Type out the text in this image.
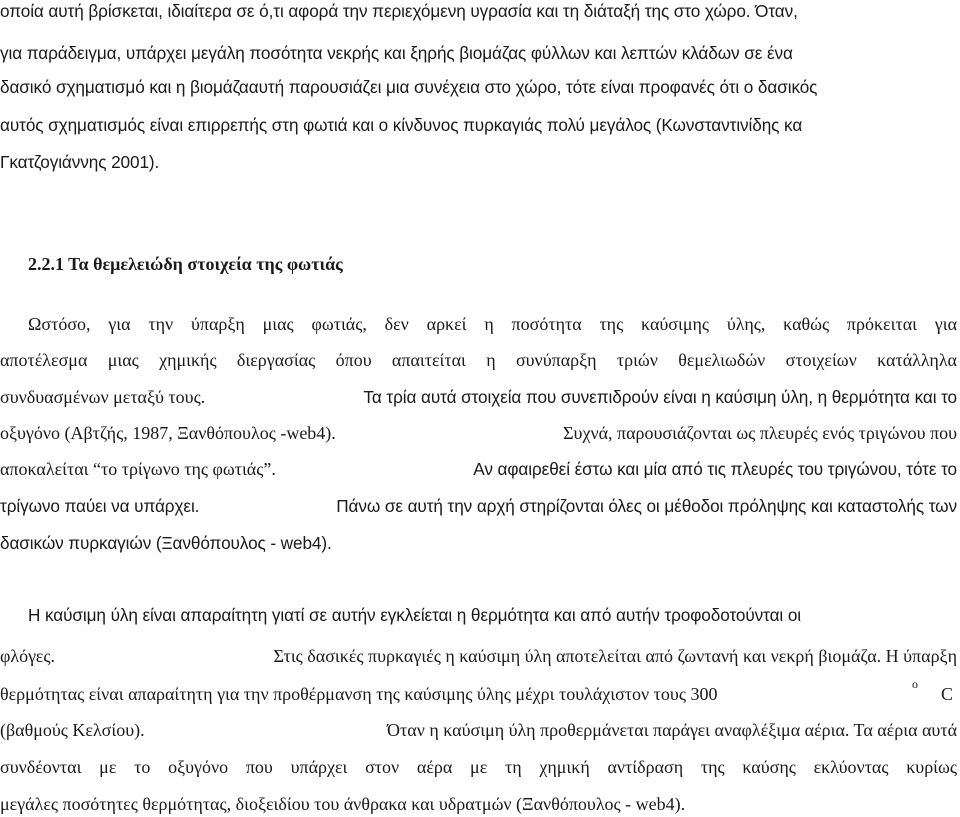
οποία αυτή βρίσκεται, ιδιαίτερα σε ό,τι αφορά την περιεχόμενη υγρασία και τη διάταξή της στο χώρο. Όταν,
για παράδειγμα, υπάρχει μεγάλη ποσότητα νεκρής και ξηρής βιομάζας φύλλων και λεπτών κλάδων σε ένα
δασικό σχηματισμό και η βιομάζααυτή παρουσιάζει μια συνέχεια στο χώρο, τότε είναι προφανές ότι ο δασικός
αυτός σχηματισμός είναι επιρρεπής στη φωτιά και ο κίνδυνος πυρκαγιάς πολύ μεγάλος (Κωνσταντινίδης κα
Γκατζογιάννης 2001).
2.2.1 Τα θεμελειώδη στοιχεία της φωτιάς
Ωστόσο, για την ύπαρξη μιας φωτιάς, δεν αρκεί η ποσότητα της καύσιμης ύλης, καθώς πρόκειται για
αποτέλεσμα μιας χημικής διεργασίας όπου απαιτείται η συνύπαρξη τριών θεμελιωδών στοιχείων κατάλληλα
συνδυασμένων μεταξύ τους.	Τα τρία αυτά στοιχεία που συνεπιδρούν είναι η καύσιμη ύλη, η θερμότητα και το
οξυγόνο (Αβτζής, 1987, Ξανθόπουλος -web4).	Συχνά, παρουσιάζονται ως πλευρές ενός τριγώνου που
αποκαλείται “το τρίγωνο της φωτιάς”.	Αν αφαιρεθεί έστω και μία από τις πλευρές του τριγώνου, τότε το
τρίγωνο παύει να υπάρχει.	Πάνω σε αυτή την αρχή στηρίζονται όλες οι μέθοδοι πρόληψης και καταστολής των
δασικών πυρκαγιών (Ξανθόπουλος - web4).
Η καύσιμη ύλη είναι απαραίτητη γιατί σε αυτήν εγκλείεται η θερμότητα και από αυτήν τροφοδοτούνται οι
φλόγες.	Στις δασικές πυρκαγιές η καύσιμη ύλη αποτελείται από ζωντανή και νεκρή βιομάζα. Η ύπαρξη
θερμότητας είναι απαραίτητη για την προθέρμανση της καύσιμης ύλης μέχρι τουλάχιστον τους 300	o C
(βαθμούς Κελσίου).	Όταν η καύσιμη ύλη προθερμάνεται παράγει αναφλέξιμα αέρια. Τα αέρια αυτά
συνδέονται με το οξυγόνο που υπάρχει στον αέρα με τη χημική αντίδραση της καύσης εκλύοντας κυρίως
μεγάλες ποσότητες θερμότητας, διοξειδίου του άνθρακα και υδρατμών (Ξανθόπουλος - web4).
